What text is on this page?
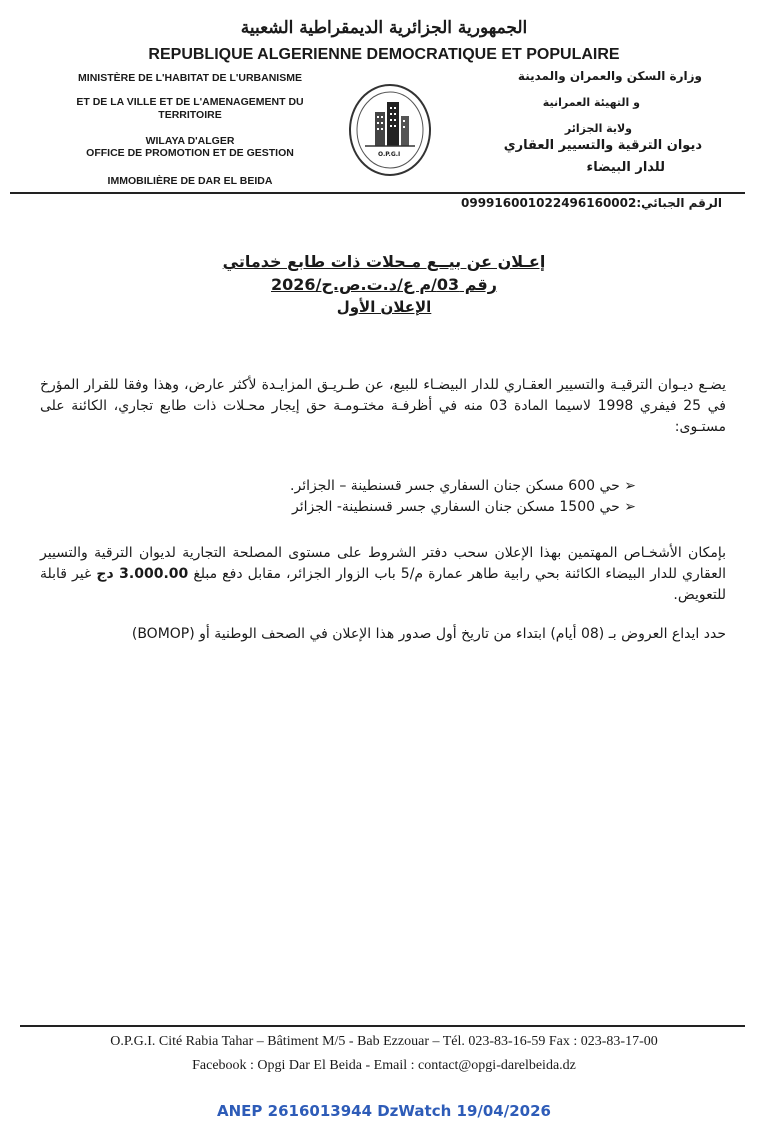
الجمهورية الجزائرية الديمقراطية الشعبية
REPUBLIQUE ALGERIENNE DEMOCRATIQUE ET POPULAIRE
MINISTÈRE DE L'HABITAT DE L'URBANISME
ET DE LA VILLE ET DE L'AMENAGEMENT DU
TERRITOIRE
WILAYA D'ALGER
OFFICE DE PROMOTION ET DE GESTION
IMMOBILIÈRE DE DAR EL BEIDA
وزارة السكن والعمران والمدينة
و التهيئة العمرانية
ولاية الجزائر
ديوان الترقية والتسيير العقاري
للدار البيضاء
O.P.G.I
الرقم الجبائي:099916001022496160002
إعـلان عن بيــع مـحلات ذات طابع خدماتي
رقم 03/م ع/د.ت.ص.ح/2026
الإعلان الأول
يضـع ديـوان الترقيـة والتسيير العقـاري للدار البيضـاء للبيع، عن طـريـق المزايـدة لأكثر عارض، وهذا وفقا للقرار المؤرخ في 25 فيفري 1998 لاسيما المادة 03 منه في أظرفـة مختـومـة حق إيجار محـلات ذات طابع تجاري، الكائنة على مستـوى:
➢ حي 600 مسكن جنان السفاري جسر قسنطينة – الجزائر.
➢ حي 1500 مسكن جنان السفاري جسر قسنطينة- الجزائر
بإمكان الأشخـاص المهتمين بهذا الإعلان سحب دفتر الشروط على مستوى المصلحة التجارية لديوان الترقية والتسيير العقاري للدار البيضاء الكائنة بحي رابية طاهر عمارة م/5 باب الزوار الجزائر، مقابل دفع مبلغ 3.000.00 دج غير قابلة للتعويض.
حدد ايداع العروض بـ (08 أيام) ابتداء من تاريخ أول صدور هذا الإعلان في الصحف الوطنية أو (BOMOP)
O.P.G.I. Cité Rabia Tahar – Bâtiment M/5 - Bab Ezzouar – Tél. 023-83-16-59 Fax : 023-83-17-00
Facebook : Opgi Dar El Beida - Email : contact@opgi-darelbeida.dz
ANEP 2616013944 DzWatch 19/04/2026
